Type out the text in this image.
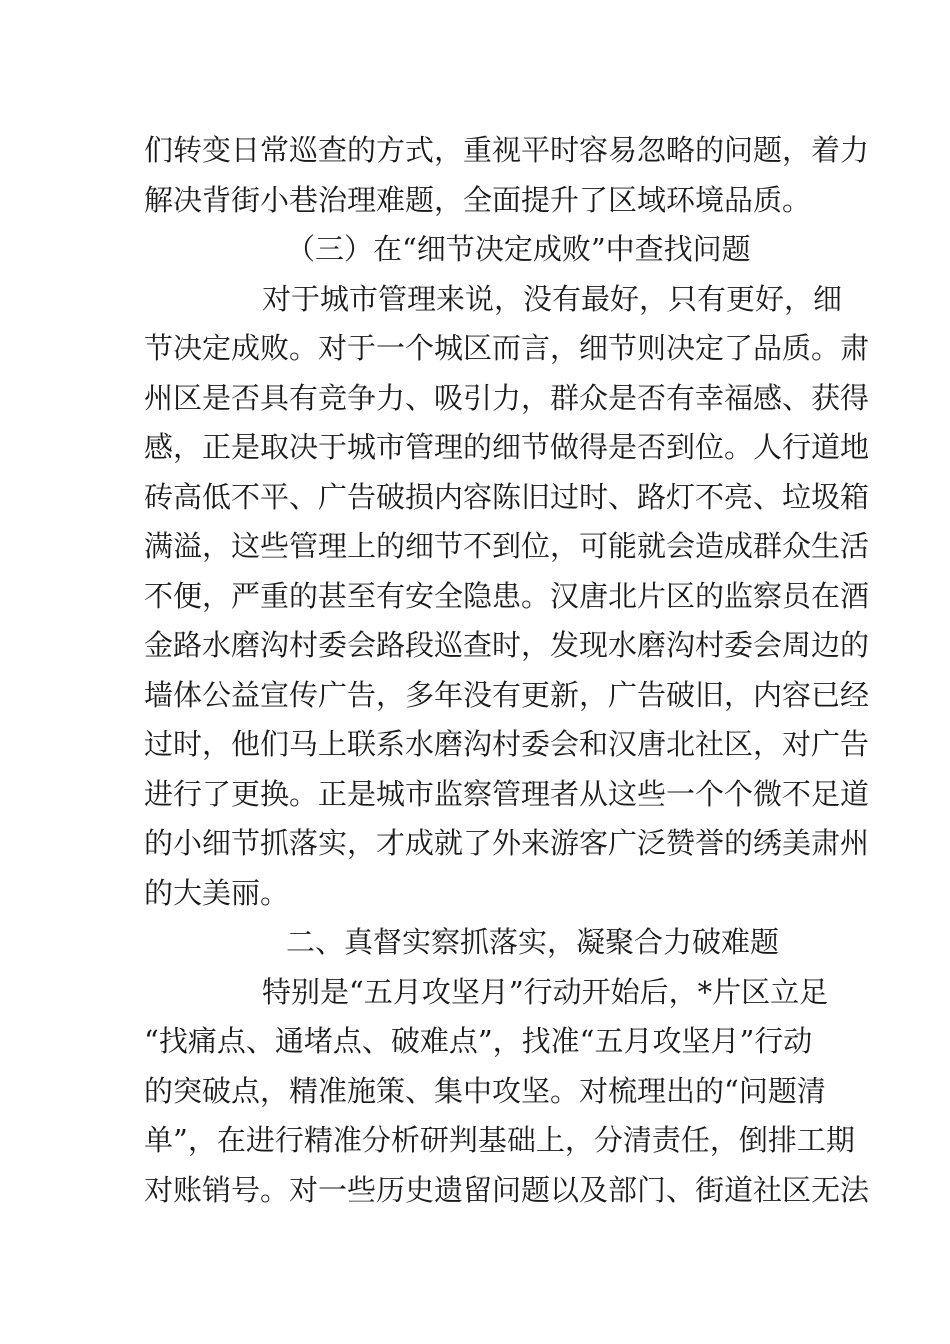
们转变日常巡查的方式，重视平时容易忽略的问题，着力
解决背街小巷治理难题，全面提升了区域环境品质。
（三）在“细节决定成败”中查找问题
对于城市管理来说，没有最好，只有更好，细
节决定成败。对于一个城区而言，细节则决定了品质。肃
州区是否具有竞争力、吸引力，群众是否有幸福感、获得
感，正是取决于城市管理的细节做得是否到位。人行道地
砖高低不平、广告破损内容陈旧过时、路灯不亮、垃圾箱
满溢，这些管理上的细节不到位，可能就会造成群众生活
不便，严重的甚至有安全隐患。汉唐北片区的监察员在酒
金路水磨沟村委会路段巡查时，发现水磨沟村委会周边的
墙体公益宣传广告，多年没有更新，广告破旧，内容已经
过时，他们马上联系水磨沟村委会和汉唐北社区，对广告
进行了更换。正是城市监察管理者从这些一个个微不足道
的小细节抓落实，才成就了外来游客广泛赞誉的绣美肃州
的大美丽。
二、真督实察抓落实，凝聚合力破难题
特别是“五月攻坚月”行动开始后，*片区立足
“找痛点、通堵点、破难点”，找准“五月攻坚月”行动
的突破点，精准施策、集中攻坚。对梳理出的“问题清
单”，在进行精准分析研判基础上，分清责任，倒排工期
对账销号。对一些历史遗留问题以及部门、街道社区无法
